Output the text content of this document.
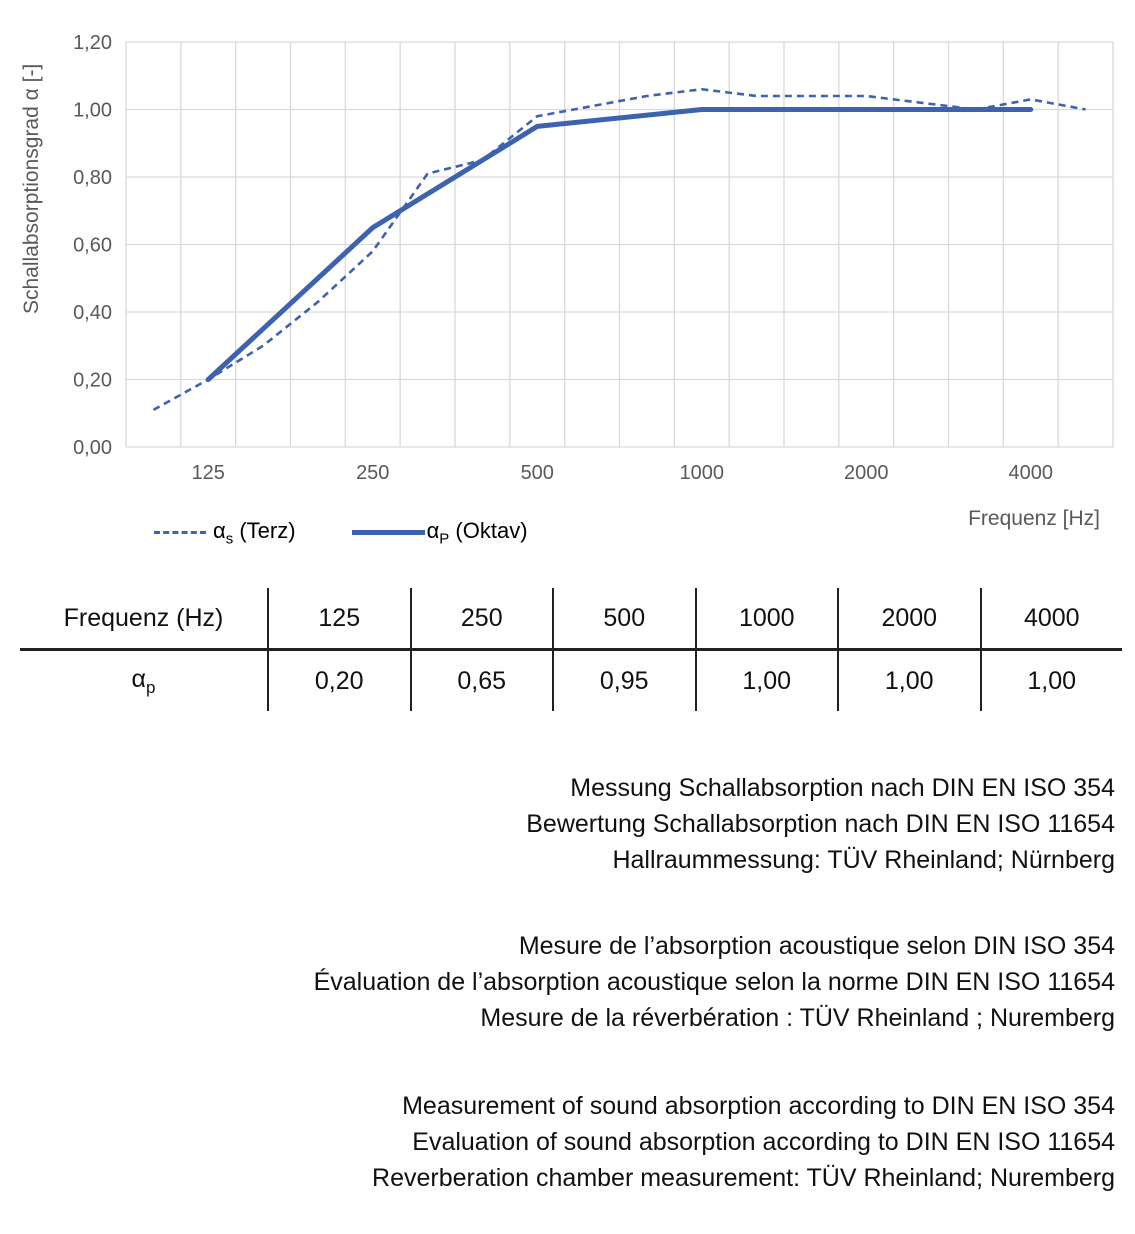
0,00
0,20
0,40
0,60
0,80
1,00
1,20
125	250	500	1000	2000	4000
Schallabsorptionsgrad α [-]
Frequenz [Hz]
$\alpha_s$ (Terz)	$\alpha_P$ (Oktav)
Frequenz (Hz)	125	250	500	1000	2000	4000
$\alpha_p$	0,20	0,65	0,95	1,00	1,00	1,00
Messung Schallabsorption nach DIN EN ISO 354
Bewertung Schallabsorption nach DIN EN ISO 11654
Hallraummessung: TÜV Rheinland; Nürnberg
Mesure de l’absorption acoustique selon DIN ISO 354
Évaluation de l’absorption acoustique selon la norme DIN EN ISO 11654
Mesure de la réverbération : TÜV Rheinland ; Nuremberg
Measurement of sound absorption according to DIN EN ISO 354
Evaluation of sound absorption according to DIN EN ISO 11654
Reverberation chamber measurement: TÜV Rheinland; Nuremberg
